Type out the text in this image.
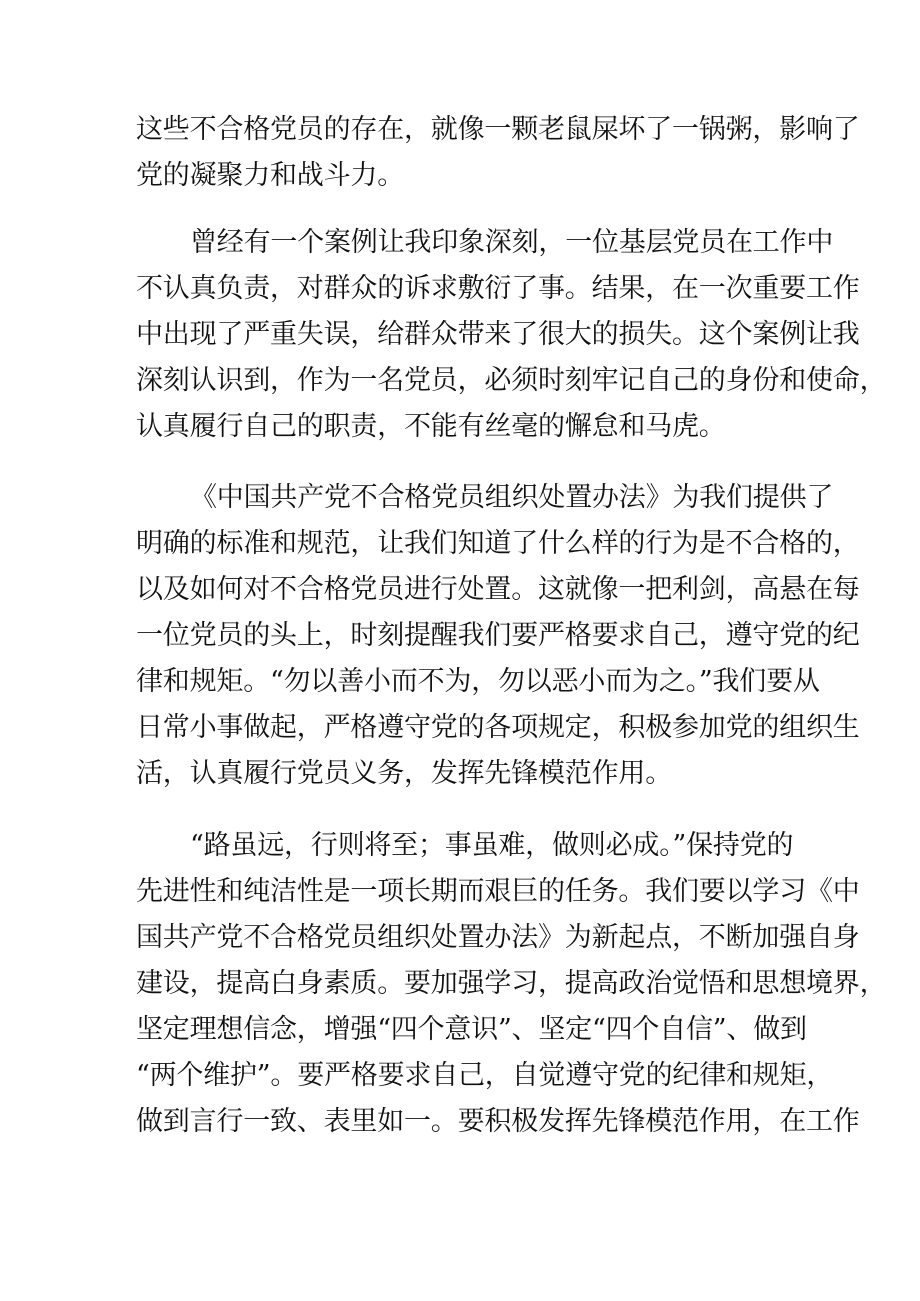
这些不合格党员的存在，就像一颗老鼠屎坏了一锅粥，影响了

党的凝聚力和战斗力。

曾经有一个案例让我印象深刻，一位基层党员在工作中

不认真负责，对群众的诉求敷衍了事。结果，在一次重要工作

中出现了严重失误，给群众带来了很大的损失。这个案例让我

深刻认识到，作为一名党员，必须时刻牢记自己的身份和使命，

认真履行自己的职责，不能有丝毫的懈怠和马虎。

《中国共产党不合格党员组织处置办法》为我们提供了

明确的标准和规范，让我们知道了什么样的行为是不合格的，

以及如何对不合格党员进行处置。这就像一把利剑，高悬在每

一位党员的头上，时刻提醒我们要严格要求自己，遵守党的纪

律和规矩。“勿以善小而不为，勿以恶小而为之。”我们要从

日常小事做起，严格遵守党的各项规定，积极参加党的组织生

活，认真履行党员义务，发挥先锋模范作用。

“路虽远，行则将至；事虽难，做则必成。”保持党的

先进性和纯洁性是一项长期而艰巨的任务。我们要以学习《中

国共产党不合格党员组织处置办法》为新起点，不断加强自身

建设，提高白身素质。要加强学习，提高政治觉悟和思想境界，

坚定理想信念，增强“四个意识”、坚定“四个自信”、做到

“两个维护”。要严格要求自己，自觉遵守党的纪律和规矩，

做到言行一致、表里如一。要积极发挥先锋模范作用，在工作
